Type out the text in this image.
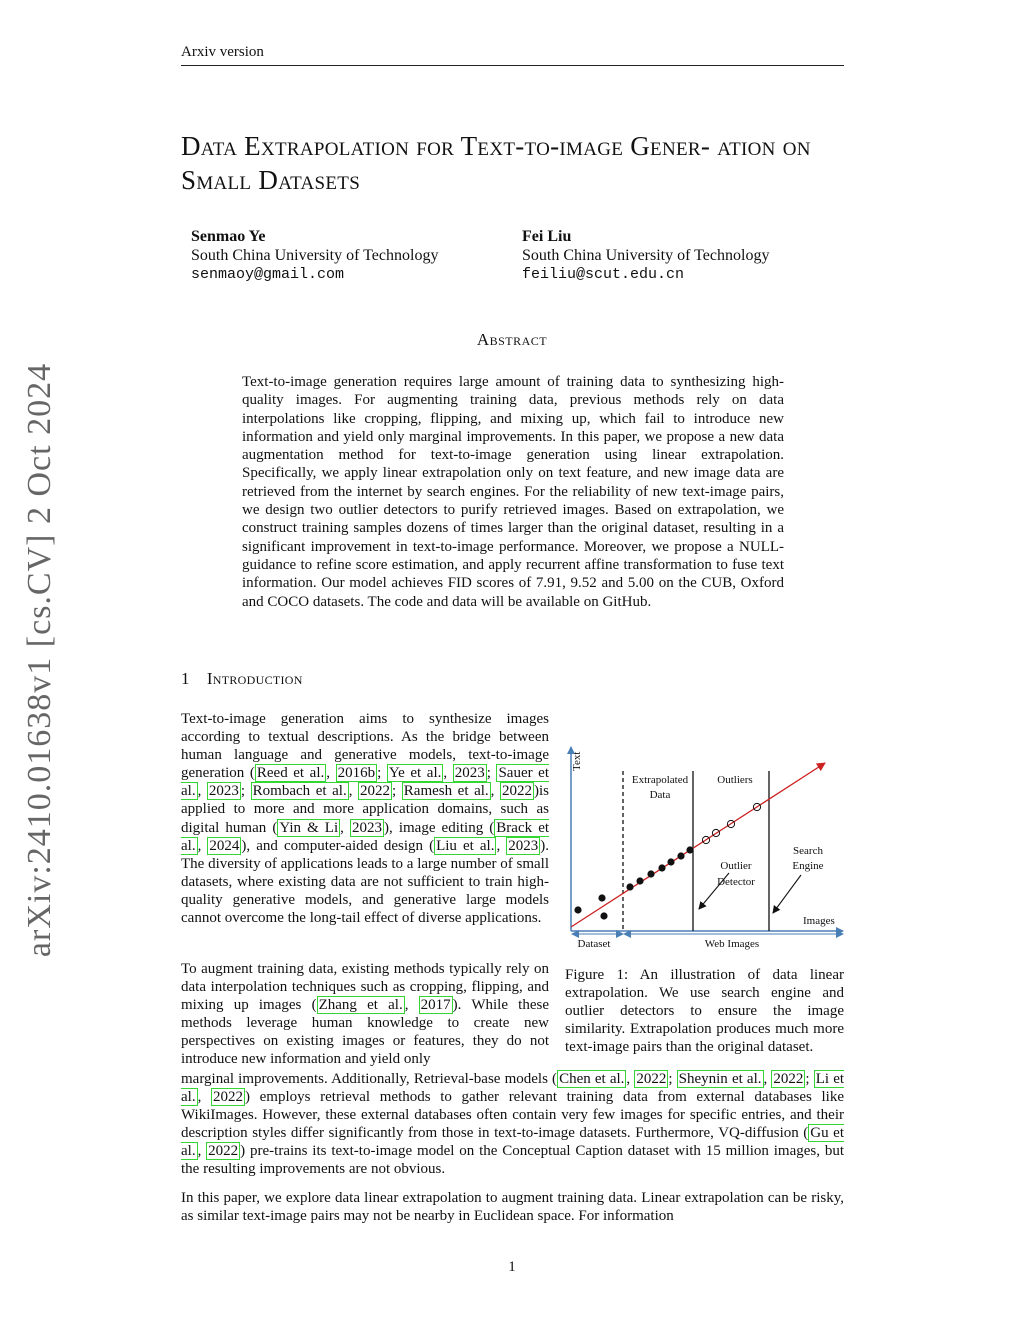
Arxiv version
arXiv:2410.01638v1 [cs.CV] 2 Oct 2024
Data Extrapolation for Text-to-image Gener- ation on Small Datasets
Senmao Ye
South China University of Technology
senmaoy@gmail.com
Fei Liu
South China University of Technology
feiliu@scut.edu.cn
Abstract
Text-to-image generation requires large amount of training data to synthesizing high-quality images. For augmenting training data, previous methods rely on data interpolations like cropping, flipping, and mixing up, which fail to introduce new information and yield only marginal improvements. In this paper, we propose a new data augmentation method for text-to-image generation using linear extrapolation. Specifically, we apply linear extrapolation only on text feature, and new image data are retrieved from the internet by search engines. For the reliability of new text-image pairs, we design two outlier detectors to purify retrieved images. Based on extrapolation, we construct training samples dozens of times larger than the original dataset, resulting in a significant improvement in text-to-image performance. Moreover, we propose a NULL-guidance to refine score estimation, and apply recurrent affine transformation to fuse text information. Our model achieves FID scores of 7.91, 9.52 and 5.00 on the CUB, Oxford and COCO datasets. The code and data will be available on GitHub.
1 Introduction
Text-to-image generation aims to synthesize images according to textual descriptions. As the bridge between human language and generative models, text-to-image generation ( Reed et al. , 2016b ; Ye et al. , 2023 ; Sauer et al. , 2023 ; Rombach et al. , 2022 ; Ramesh et al. , 2022 )is applied to more and more application domains, such as digital human ( Yin & Li , 2023 ), image editing ( Brack et al. , 2024 ), and computer-aided design ( Liu et al. , 2023 ). The diversity of applications leads to a large number of small datasets, where existing data are not sufficient to train high-quality generative models, and generative large models cannot overcome the long-tail effect of diverse applications.
To augment training data, existing methods typically rely on data interpolation techniques such as cropping, flipping, and mixing up images ( Zhang et al. , 2017 ). While these methods leverage human knowledge to create new perspectives on existing images or features, they do not introduce new information and yield only
marginal improvements. Additionally, Retrieval-base models ( Chen et al. , 2022 ; Sheynin et al. , 2022 ; Li et al. , 2022 ) employs retrieval methods to gather relevant training data from external databases like WikiImages. However, these external databases often contain very few images for specific entries, and their description styles differ significantly from those in text-to-image datasets. Furthermore, VQ-diffusion ( Gu et al. , 2022 ) pre-trains its text-to-image model on the Conceptual Caption dataset with 15 million images, but the resulting improvements are not obvious.
In this paper, we explore data linear extrapolation to augment training data. Linear extrapolation can be risky, as similar text-image pairs may not be nearby in Euclidean space. For information
Text
Images
Extrapolated
Data
Outliers
Outlier
Detector
Search
Engine
Dataset	Web Images
Figure 1: An illustration of data linear extrapolation. We use search engine and outlier detectors to ensure the image similarity. Extrapolation produces much more text-image pairs than the original dataset.
1
